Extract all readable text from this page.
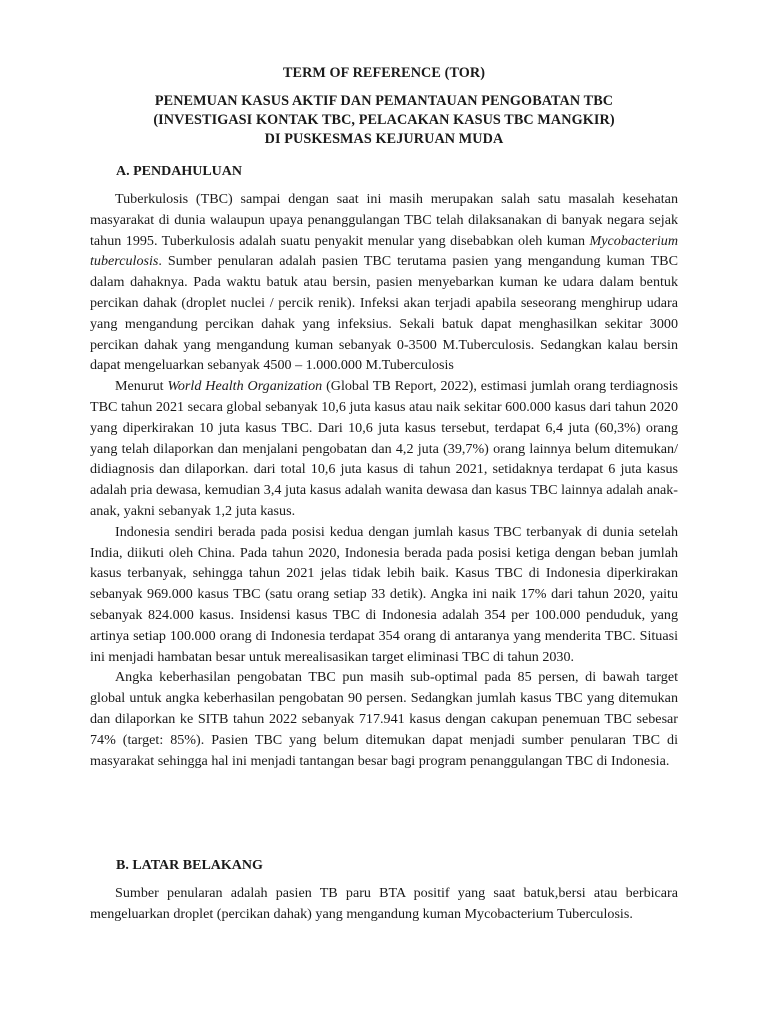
TERM OF REFERENCE (TOR)

PENEMUAN KASUS AKTIF DAN PEMANTAUAN PENGOBATAN TBC
(INVESTIGASI KONTAK TBC, PELACAKAN KASUS TBC MANGKIR)
DI PUSKESMAS KEJURUAN MUDA

A. PENDAHULUAN

Tuberkulosis (TBC) sampai dengan saat ini masih merupakan salah satu masalah kesehatan masyarakat di dunia walaupun upaya penanggulangan TBC telah dilaksanakan di banyak negara sejak tahun 1995. Tuberkulosis adalah suatu penyakit menular yang disebabkan oleh kuman Mycobacterium tuberculosis. Sumber penularan adalah pasien TBC terutama pasien yang mengandung kuman TBC dalam dahaknya. Pada waktu batuk atau bersin, pasien menyebarkan kuman ke udara dalam bentuk percikan dahak (droplet nuclei / percik renik). Infeksi akan terjadi apabila seseorang menghirup udara yang mengandung percikan dahak yang infeksius. Sekali batuk dapat menghasilkan sekitar 3000 percikan dahak yang mengandung kuman sebanyak 0-3500 M.Tuberculosis. Sedangkan kalau bersin dapat mengeluarkan sebanyak 4500 – 1.000.000 M.Tuberculosis

Menurut World Health Organization (Global TB Report, 2022), estimasi jumlah orang terdiagnosis TBC tahun 2021 secara global sebanyak 10,6 juta kasus atau naik sekitar 600.000 kasus dari tahun 2020 yang diperkirakan 10 juta kasus TBC. Dari 10,6 juta kasus tersebut, terdapat 6,4 juta (60,3%) orang yang telah dilaporkan dan menjalani pengobatan dan 4,2 juta (39,7%) orang lainnya belum ditemukan/ didiagnosis dan dilaporkan. dari total 10,6 juta kasus di tahun 2021, setidaknya terdapat 6 juta kasus adalah pria dewasa, kemudian 3,4 juta kasus adalah wanita dewasa dan kasus TBC lainnya adalah anak-anak, yakni sebanyak 1,2 juta kasus.

Indonesia sendiri berada pada posisi kedua dengan jumlah kasus TBC terbanyak di dunia setelah India, diikuti oleh China. Pada tahun 2020, Indonesia berada pada posisi ketiga dengan beban jumlah kasus terbanyak, sehingga tahun 2021 jelas tidak lebih baik. Kasus TBC di Indonesia diperkirakan sebanyak 969.000 kasus TBC (satu orang setiap 33 detik). Angka ini naik 17% dari tahun 2020, yaitu sebanyak 824.000 kasus. Insidensi kasus TBC di Indonesia adalah 354 per 100.000 penduduk, yang artinya setiap 100.000 orang di Indonesia terdapat 354 orang di antaranya yang menderita TBC. Situasi ini menjadi hambatan besar untuk merealisasikan target eliminasi TBC di tahun 2030.

Angka keberhasilan pengobatan TBC pun masih sub-optimal pada 85 persen, di bawah target global untuk angka keberhasilan pengobatan 90 persen. Sedangkan jumlah kasus TBC yang ditemukan dan dilaporkan ke SITB tahun 2022 sebanyak 717.941 kasus dengan cakupan penemuan TBC sebesar 74% (target: 85%). Pasien TBC yang belum ditemukan dapat menjadi sumber penularan TBC di masyarakat sehingga hal ini menjadi tantangan besar bagi program penanggulangan TBC di Indonesia.

B. LATAR BELAKANG

Sumber penularan adalah pasien TB paru BTA positif yang saat batuk,bersi atau berbicara mengeluarkan droplet (percikan dahak) yang mengandung kuman Mycobacterium Tuberculosis.
